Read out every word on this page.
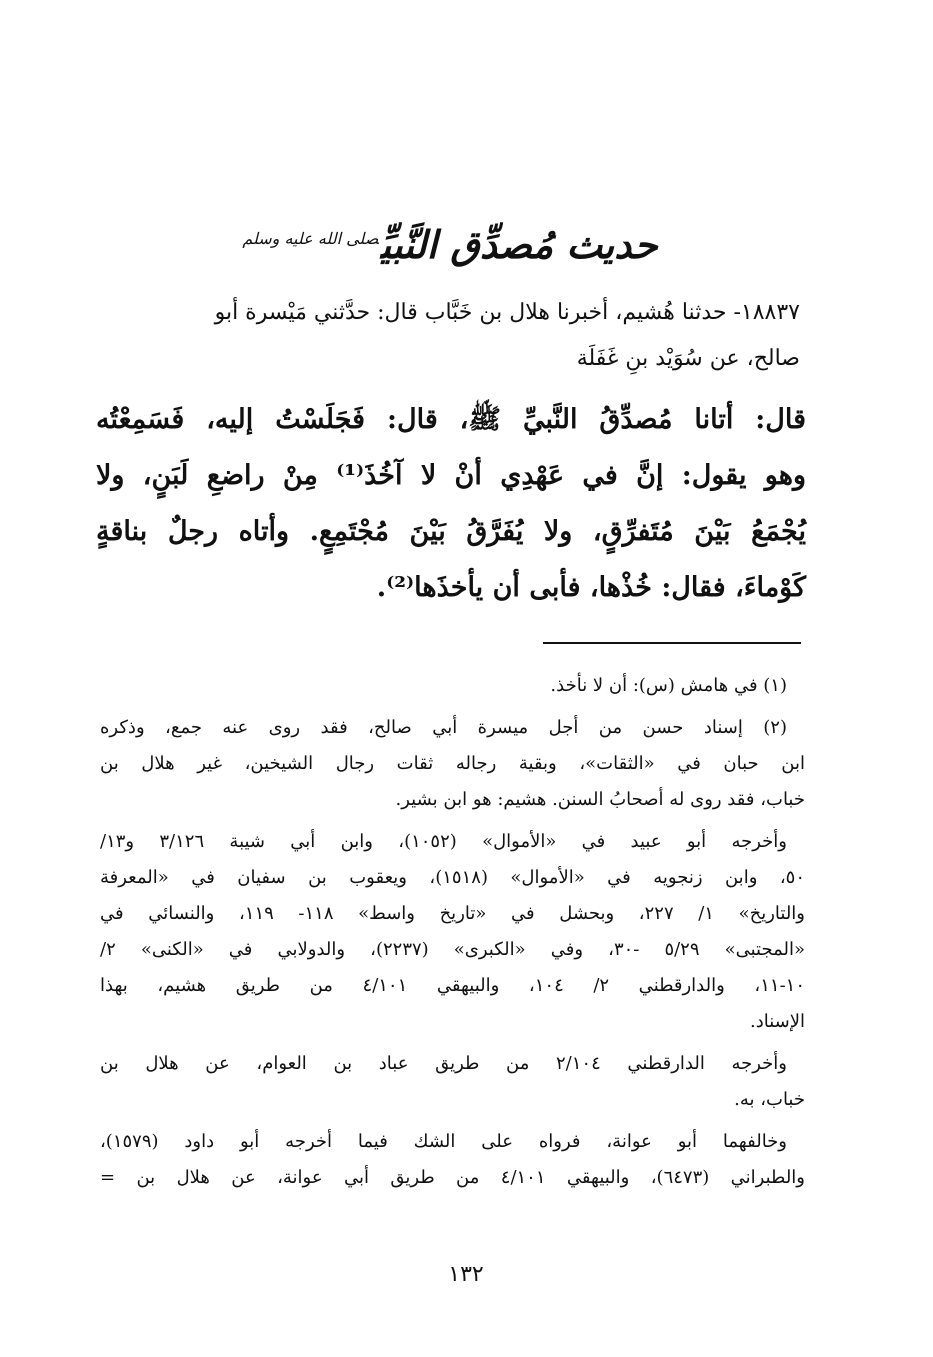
حديث مُصدِّق النَّبيِّ$^{صلى الله عليه وسلم}$
١٨٨٣٧- حدثنا هُشيم، أخبرنا هلال بن خَبَّاب قال: حدَّثني مَيْسرة أبو
صالح، عن سُوَيْد بنِ غَفَلَة
قال: أتانا مُصدِّقُ النَّبيِّ ﷺ، قال: فَجَلَسْتُ إليه، فَسَمِعْتُه
وهو يقول: إنَّ في عَهْدِي أنْ لا آخُذَ⁽¹⁾ مِنْ راضعِ لَبَنٍ، ولا
يُجْمَعُ بَيْنَ مُتَفرِّقٍ، ولا يُفَرَّقُ بَيْنَ مُجْتَمِعٍ. وأتاه رجلٌ بناقةٍ
كَوْماءَ، فقال: خُذْها، فأبى أن يأخذَها⁽²⁾.
(١) في هامش (س): أن لا نأخذ.
(٢) إسناد حسن من أجل ميسرة أبي صالح، فقد روى عنه جمع، وذكره
ابن حبان في «الثقات»، وبقية رجاله ثقات رجال الشيخين، غير هلال بن
خباب، فقد روى له أصحابُ السنن. هشيم: هو ابن بشير.
وأخرجه أبو عبيد في «الأموال» (١٠٥٢)، وابن أبي شيبة ٣/١٢٦ و١٣/
٥٠، وابن زنجويه في «الأموال» (١٥١٨)، ويعقوب بن سفيان في «المعرفة
والتاريخ» ١/ ٢٢٧، وبحشل في «تاريخ واسط» ١١٨- ١١٩، والنسائي في
«المجتبى» ٥/٢٩ -٣٠، وفي «الكبرى» (٢٢٣٧)، والدولابي في «الكنى» ٢/
١٠-١١، والدارقطني ٢/ ١٠٤، والبيهقي ٤/١٠١ من طريق هشيم، بهذا
الإسناد.
وأخرجه الدارقطني ٢/١٠٤ من طريق عباد بن العوام، عن هلال بن
خباب، به.
وخالفهما أبو عوانة، فرواه على الشك فيما أخرجه أبو داود (١٥٧٩)،
والطبراني (٦٤٧٣)، والبيهقي ٤/١٠١ من طريق أبي عوانة، عن هلال بن =
١٣٢
